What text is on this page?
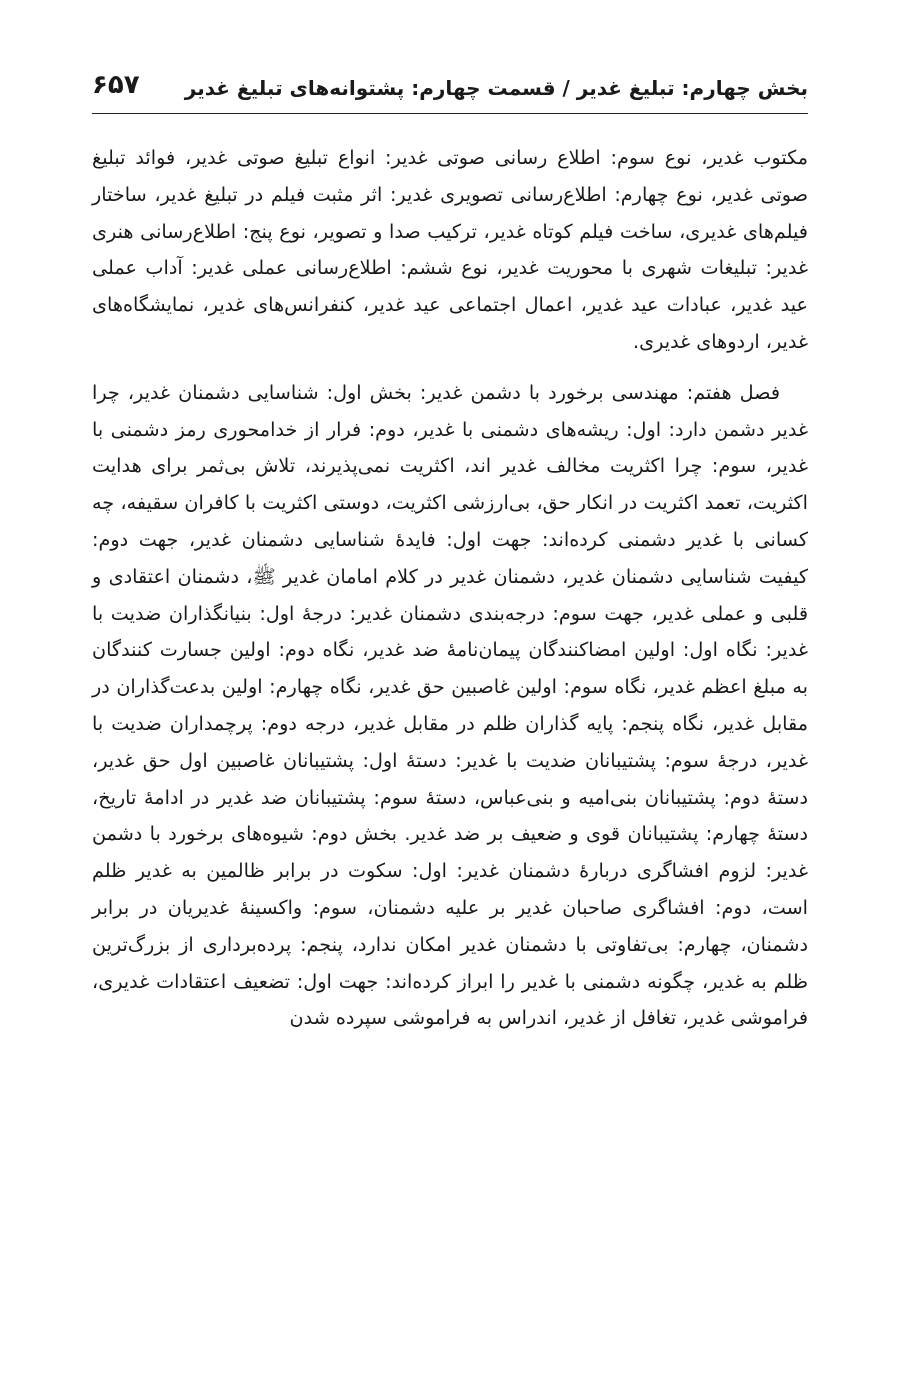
بخش چهارم: تبلیغ غدیر / قسمت چهارم: پشتوانه‌های تبلیغ غدیر
۶۵۷

مکتوب غدیر، نوع سوم: اطلاع رسانی صوتی غدیر: انواع تبلیغ صوتی غدیر، فوائد تبلیغ صوتی غدیر، نوع چهارم: اطلاع‌رسانی تصویری غدیر: اثر مثبت فیلم در تبلیغ غدیر، ساختار فیلم‌های غدیری، ساخت فیلم کوتاه غدیر، ترکیب صدا و تصویر، نوع پنج: اطلاع‌رسانی هنری غدیر: تبلیغات شهری با محوریت غدیر، نوع ششم: اطلاع‌رسانی عملی غدیر: آداب عملی عید غدیر، عبادات عید غدیر، اعمال اجتماعی عید غدیر، کنفرانس‌های غدیر، نمایشگاه‌های غدیر، اردوهای غدیری.

فصل هفتم: مهندسی برخورد با دشمن غدیر: بخش اول: شناسایی دشمنان غدیر، چرا غدیر دشمن دارد: اول: ریشه‌های دشمنی با غدیر، دوم: فرار از خدامحوری رمز دشمنی با غدیر، سوم: چرا اکثریت مخالف غدیر اند، اکثریت نمی‌پذیرند، تلاش بی‌ثمر برای هدایت اکثریت، تعمد اکثریت در انکار حق، بی‌ارزشی اکثریت، دوستی اکثریت با کافران سقیفه، چه کسانی با غدیر دشمنی کرده‌اند: جهت اول: فایدهٔ شناسایی دشمنان غدیر، جهت دوم: کیفیت شناسایی دشمنان غدیر، دشمنان غدیر در کلام امامان غدیر ﷺ، دشمنان اعتقادی و قلبی و عملی غدیر، جهت سوم: درجه‌بندی دشمنان غدیر: درجهٔ اول: بنیانگذاران ضدیت با غدیر: نگاه اول: اولین امضاکنندگان پیمان‌نامهٔ ضد غدیر، نگاه دوم: اولین جسارت کنندگان به مبلغ اعظم غدیر، نگاه سوم: اولین غاصبین حق غدیر، نگاه چهارم: اولین بدعت‌گذاران در مقابل غدیر، نگاه پنجم: پایه گذاران ظلم در مقابل غدیر، درجه دوم: پرچمداران ضدیت با غدیر، درجهٔ سوم: پشتیبانان ضدیت با غدیر: دستهٔ اول: پشتیبانان غاصبین اول حق غدیر، دستهٔ دوم: پشتیبانان بنی‌امیه و بنی‌عباس، دستهٔ سوم: پشتیبانان ضد غدیر در ادامهٔ تاریخ، دستهٔ چهارم: پشتیبانان قوی و ضعیف بر ضد غدیر. بخش دوم: شیوه‌های برخورد با دشمن غدیر: لزوم افشاگری دربارهٔ دشمنان غدیر: اول: سکوت در برابر ظالمین به غدیر ظلم است، دوم: افشاگری صاحبان غدیر بر علیه دشمنان، سوم: واکسینهٔ غدیریان در برابر دشمنان، چهارم: بی‌تفاوتی با دشمنان غدیر امکان ندارد، پنجم: پرده‌برداری از بزرگ‌ترین ظلم به غدیر، چگونه دشمنی با غدیر را ابراز کرده‌اند: جهت اول: تضعیف اعتقادات غدیری، فراموشی غدیر، تغافل از غدیر، اندراس به فراموشی سپرده شدن
